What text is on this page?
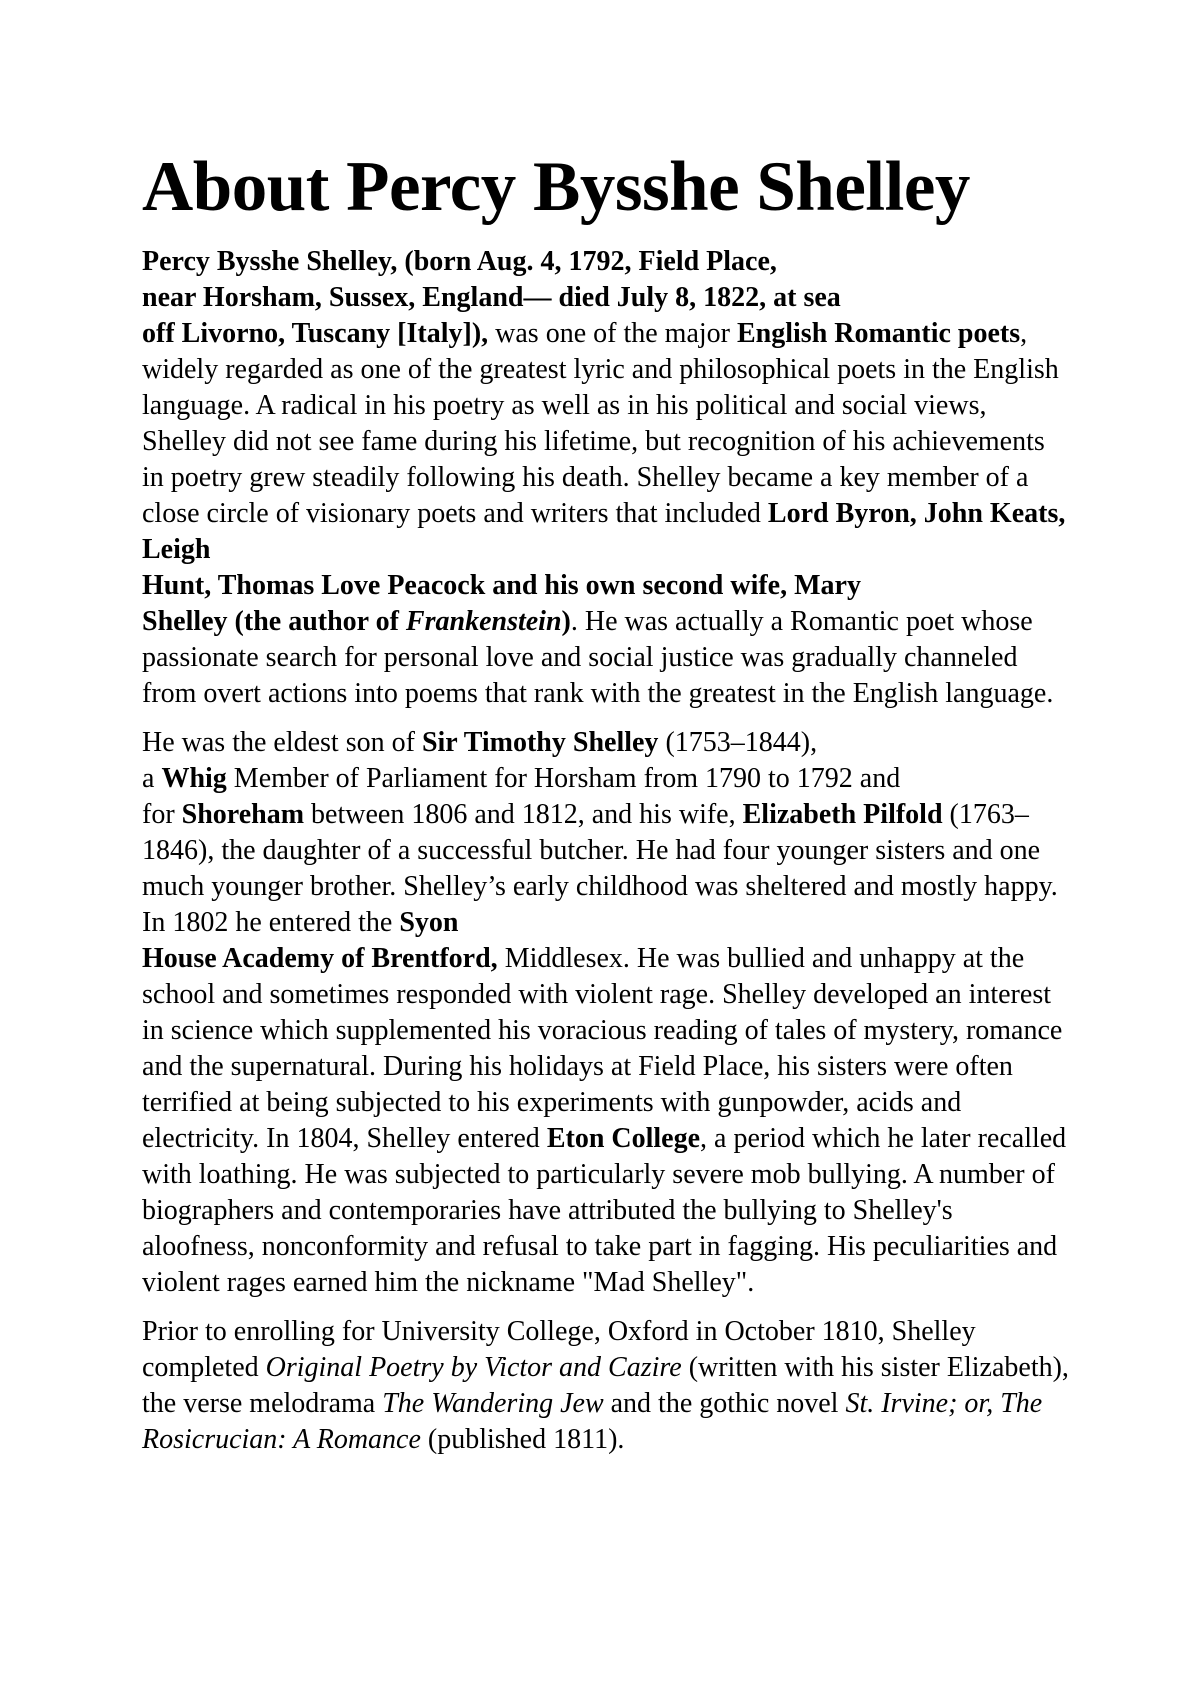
About Percy Bysshe Shelley

Percy Bysshe Shelley, (born Aug. 4, 1792, Field Place,
near Horsham, Sussex, England— died July 8, 1822, at sea
off Livorno, Tuscany [Italy]), was one of the major English Romantic poets, widely regarded as one of the greatest lyric and philosophical poets in the English language. A radical in his poetry as well as in his political and social views, Shelley did not see fame during his lifetime, but recognition of his achievements in poetry grew steadily following his death. Shelley became a key member of a close circle of visionary poets and writers that included Lord Byron, John Keats, Leigh
Hunt, Thomas Love Peacock and his own second wife, Mary
Shelley (the author of Frankenstein). He was actually a Romantic poet whose passionate search for personal love and social justice was gradually channeled from overt actions into poems that rank with the greatest in the English language.

He was the eldest son of Sir Timothy Shelley (1753–1844),
a Whig Member of Parliament for Horsham from 1790 to 1792 and
for Shoreham between 1806 and 1812, and his wife, Elizabeth Pilfold (1763–1846), the daughter of a successful butcher. He had four younger sisters and one much younger brother. Shelley’s early childhood was sheltered and mostly happy. In 1802 he entered the Syon
House Academy of Brentford, Middlesex. He was bullied and unhappy at the school and sometimes responded with violent rage. Shelley developed an interest in science which supplemented his voracious reading of tales of mystery, romance and the supernatural. During his holidays at Field Place, his sisters were often terrified at being subjected to his experiments with gunpowder, acids and electricity. In 1804, Shelley entered Eton College, a period which he later recalled with loathing. He was subjected to particularly severe mob bullying. A number of biographers and contemporaries have attributed the bullying to Shelley's aloofness, nonconformity and refusal to take part in fagging. His peculiarities and violent rages earned him the nickname "Mad Shelley".

Prior to enrolling for University College, Oxford in October 1810, Shelley completed Original Poetry by Victor and Cazire (written with his sister Elizabeth), the verse melodrama The Wandering Jew and the gothic novel St. Irvine; or, The Rosicrucian: A Romance (published 1811).
